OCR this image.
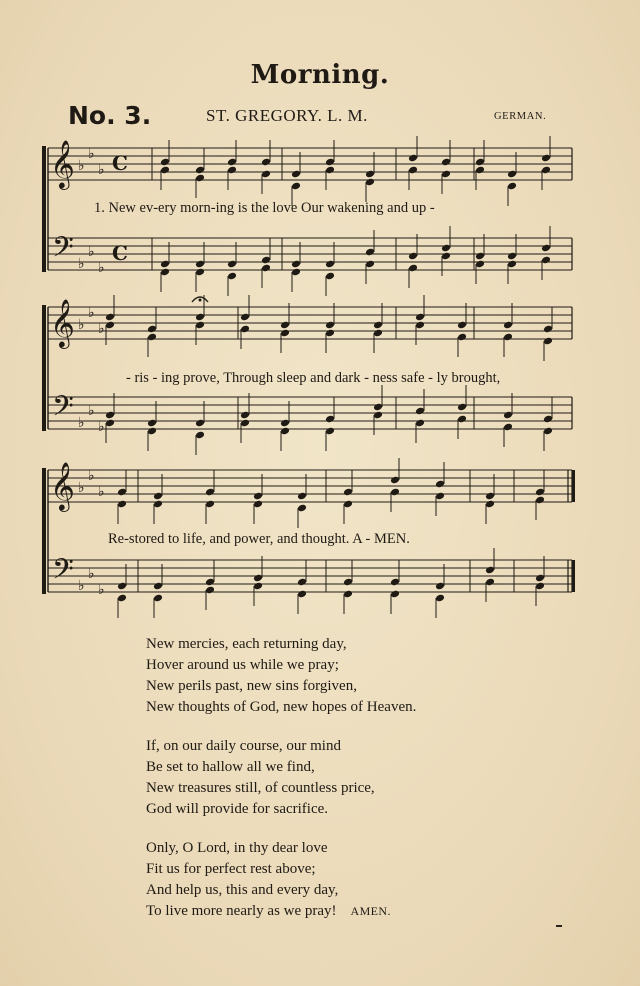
Morning.
No. 3.	ST. GREGORY. L. M.	GERMAN.
𝄞
𝄢
♭
♭
♭
♭
♭
♭
C
C
𝄞
𝄢
♭
♭
♭
♭
♭
♭
𝄞
𝄢
♭
♭
♭
♭
♭
♭
1. New ev-ery morn-ing is the love Our wakening and up -
- ris - ing prove, Through sleep and dark - ness safe - ly brought,
Re-stored to life, and power, and thought. A - MEN.
New mercies, each returning day,
Hover around us while we pray;
New perils past, new sins forgiven,
New thoughts of God, new hopes of Heaven.
If, on our daily course, our mind
Be set to hallow all we find,
New treasures still, of countless price,
God will provide for sacrifice.
Only, O Lord, in thy dear love
Fit us for perfect rest above;
And help us, this and every day,
To live more nearly as we pray! AMEN.
